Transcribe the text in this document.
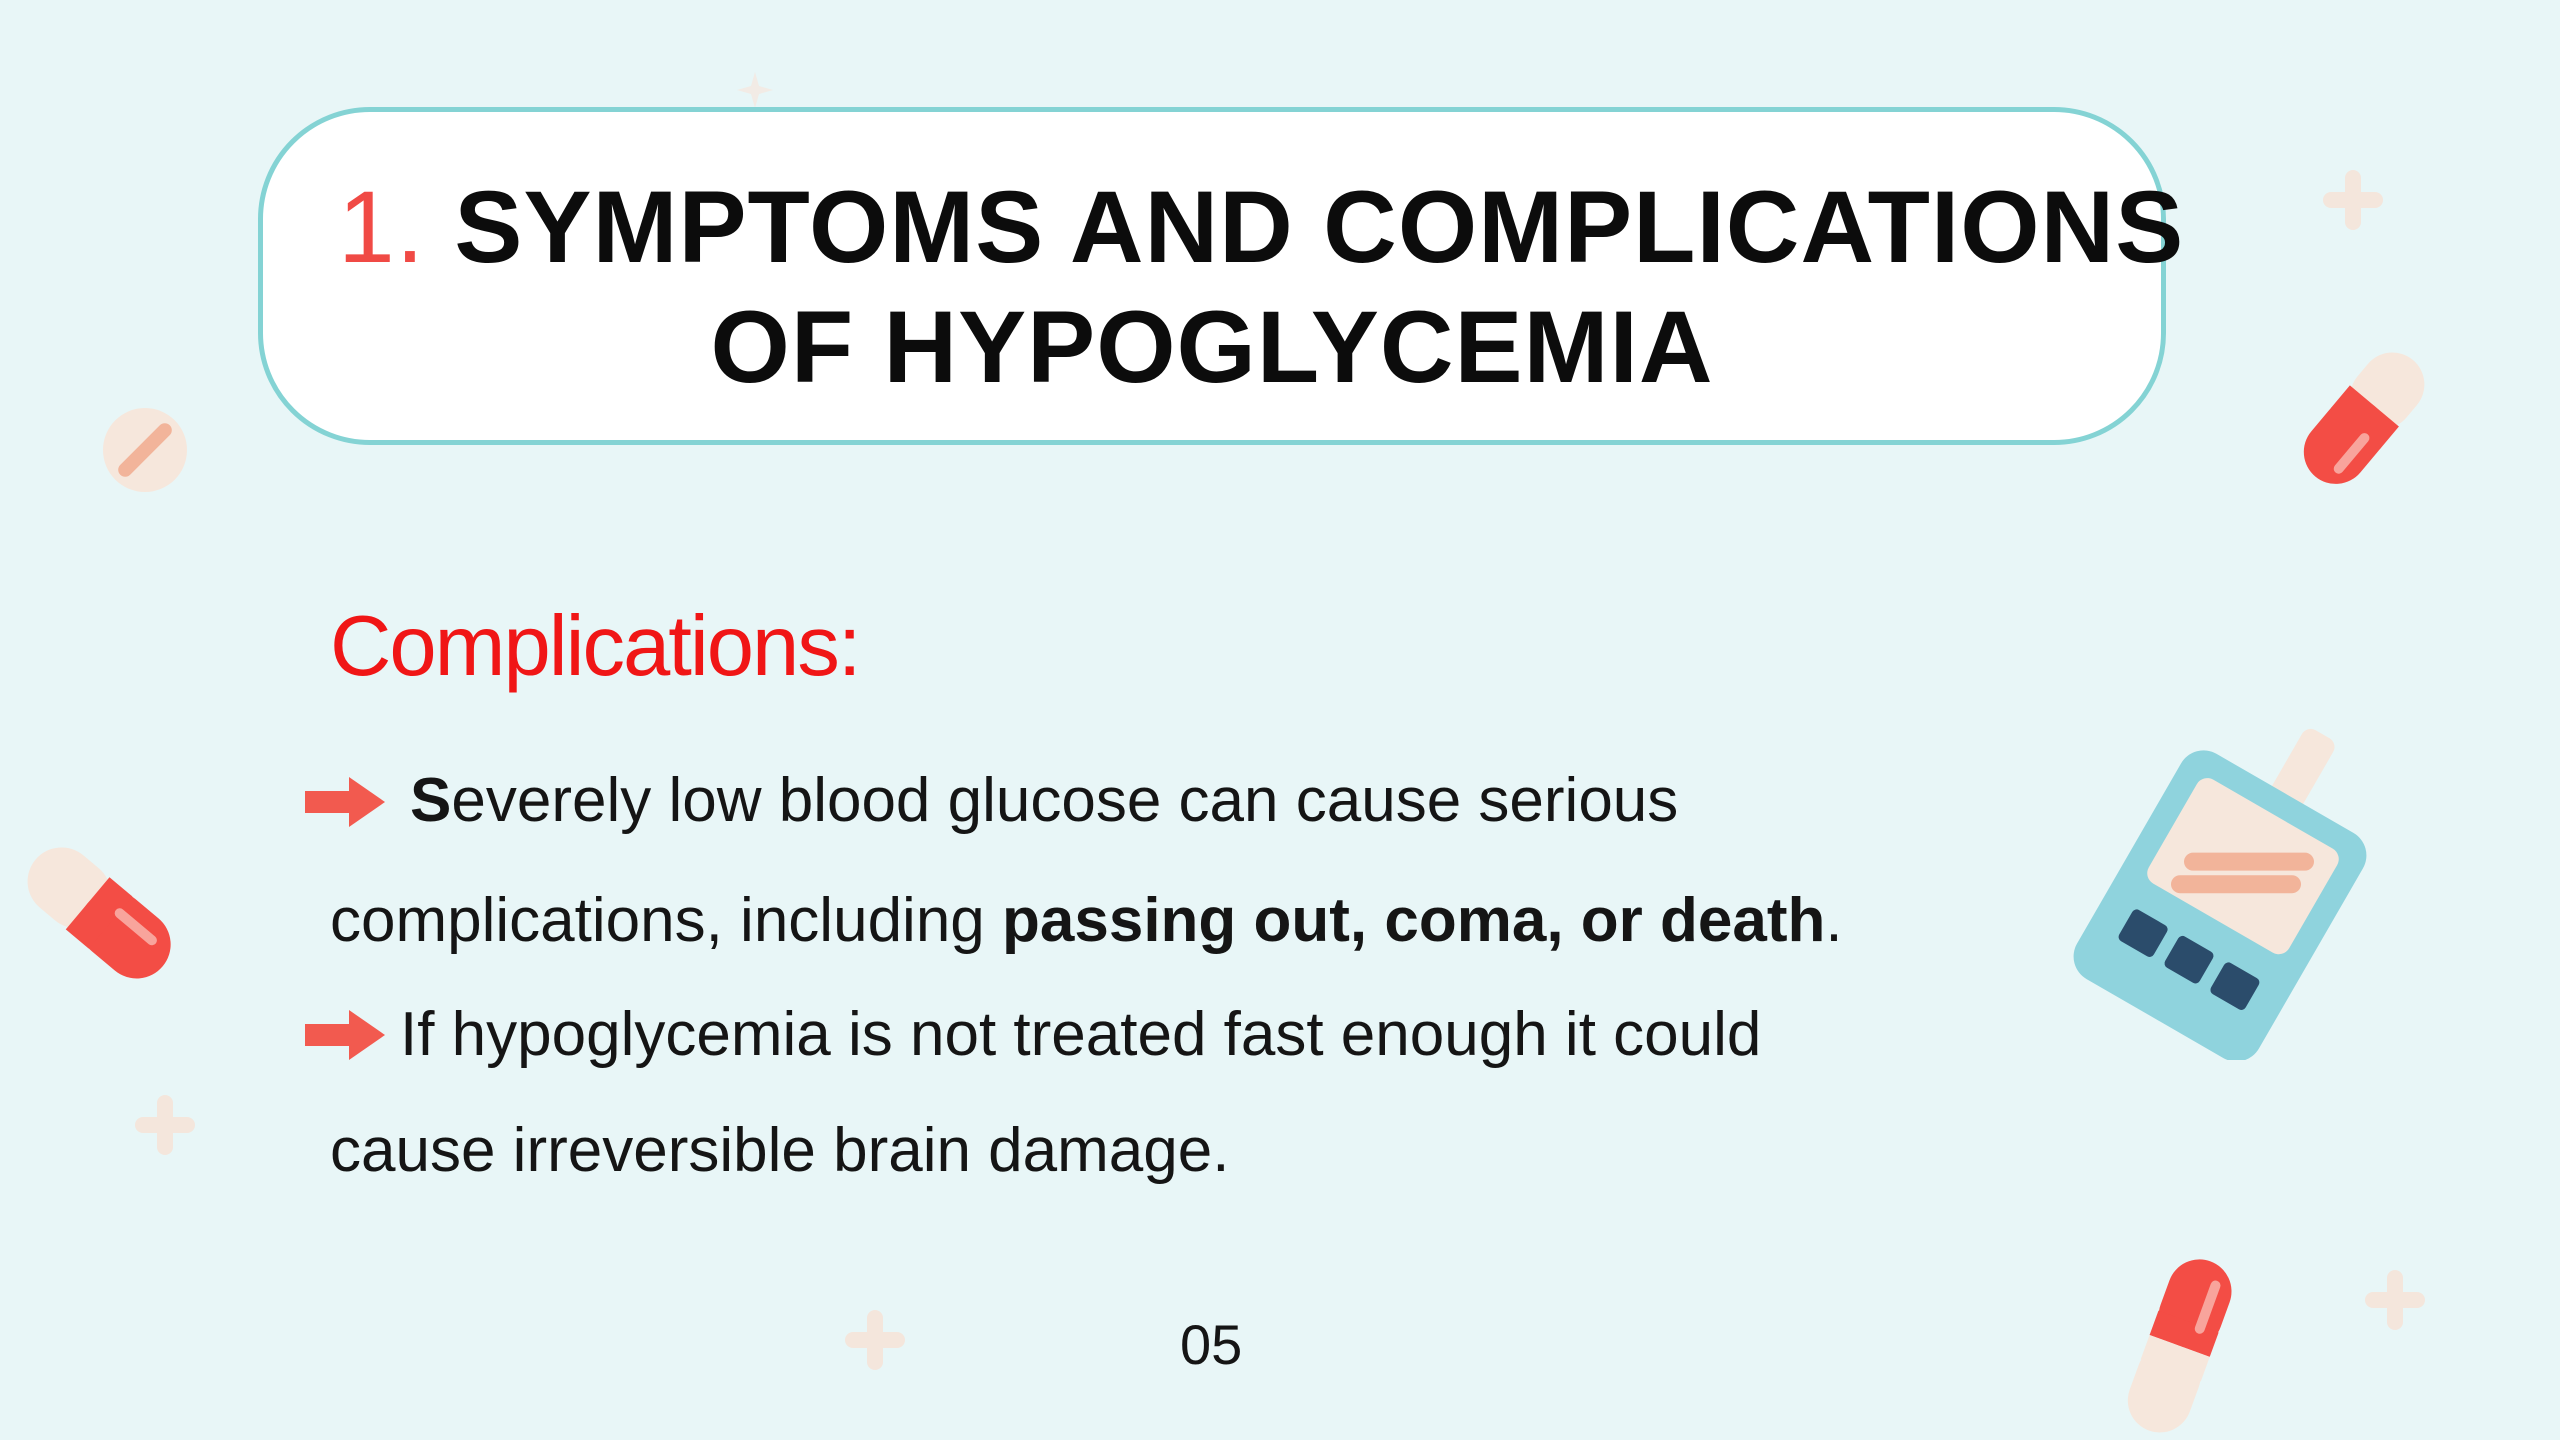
1. SYMPTOMS AND COMPLICATIONS
OF HYPOGLYCEMIA
Complications:
Severely low blood glucose can cause serious
complications, including passing out, coma, or death.
If hypoglycemia is not treated fast enough it could
cause irreversible brain damage.
05
